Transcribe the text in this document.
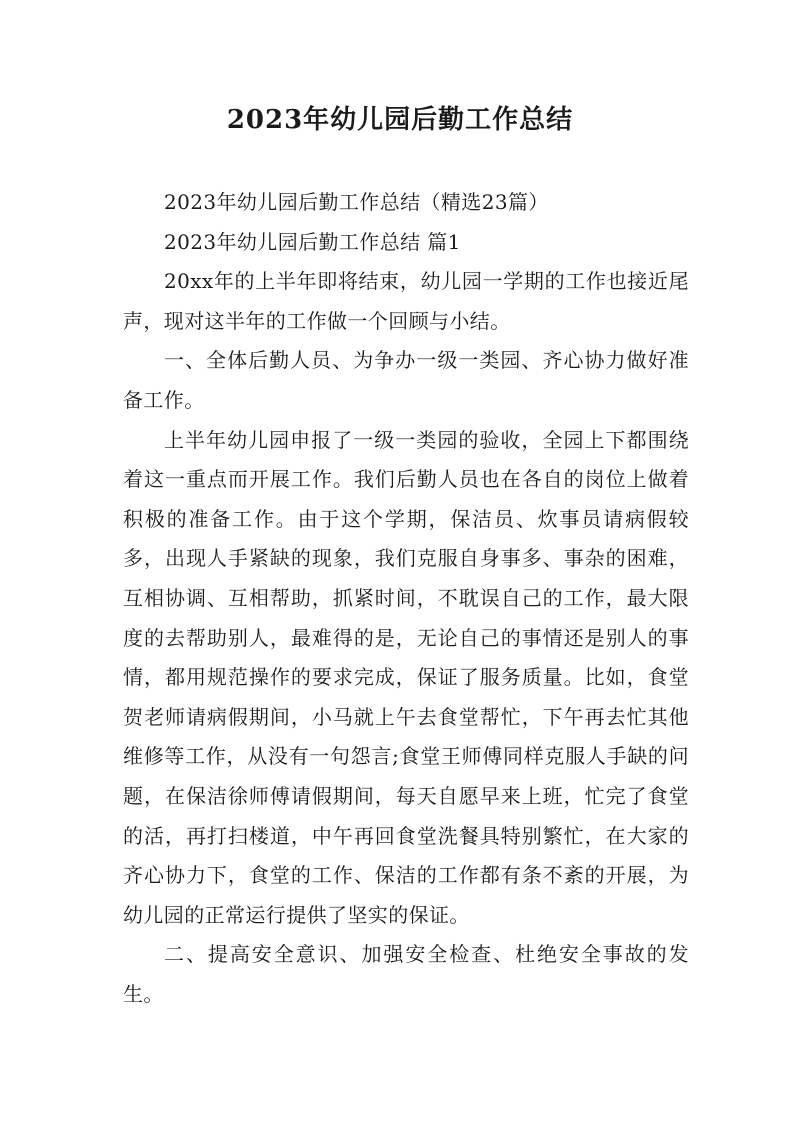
2023年幼儿园后勤工作总结

2023年幼儿园后勤工作总结（精选23篇）

2023年幼儿园后勤工作总结 篇1

20xx年的上半年即将结束，幼儿园一学期的工作也接近尾声，现对这半年的工作做一个回顾与小结。

一、全体后勤人员、为争办一级一类园、齐心协力做好准备工作。

上半年幼儿园申报了一级一类园的验收，全园上下都围绕着这一重点而开展工作。我们后勤人员也在各自的岗位上做着积极的准备工作。由于这个学期，保洁员、炊事员请病假较多，出现人手紧缺的现象，我们克服自身事多、事杂的困难，互相协调、互相帮助，抓紧时间，不耽误自己的工作，最大限度的去帮助别人，最难得的是，无论自己的事情还是别人的事情，都用规范操作的要求完成，保证了服务质量。比如，食堂贺老师请病假期间，小马就上午去食堂帮忙，下午再去忙其他维修等工作，从没有一句怨言;食堂王师傅同样克服人手缺的问题，在保洁徐师傅请假期间，每天自愿早来上班，忙完了食堂的活，再打扫楼道，中午再回食堂洗餐具特别繁忙，在大家的齐心协力下，食堂的工作、保洁的工作都有条不紊的开展，为幼儿园的正常运行提供了坚实的保证。

二、提高安全意识、加强安全检查、杜绝安全事故的发生。
